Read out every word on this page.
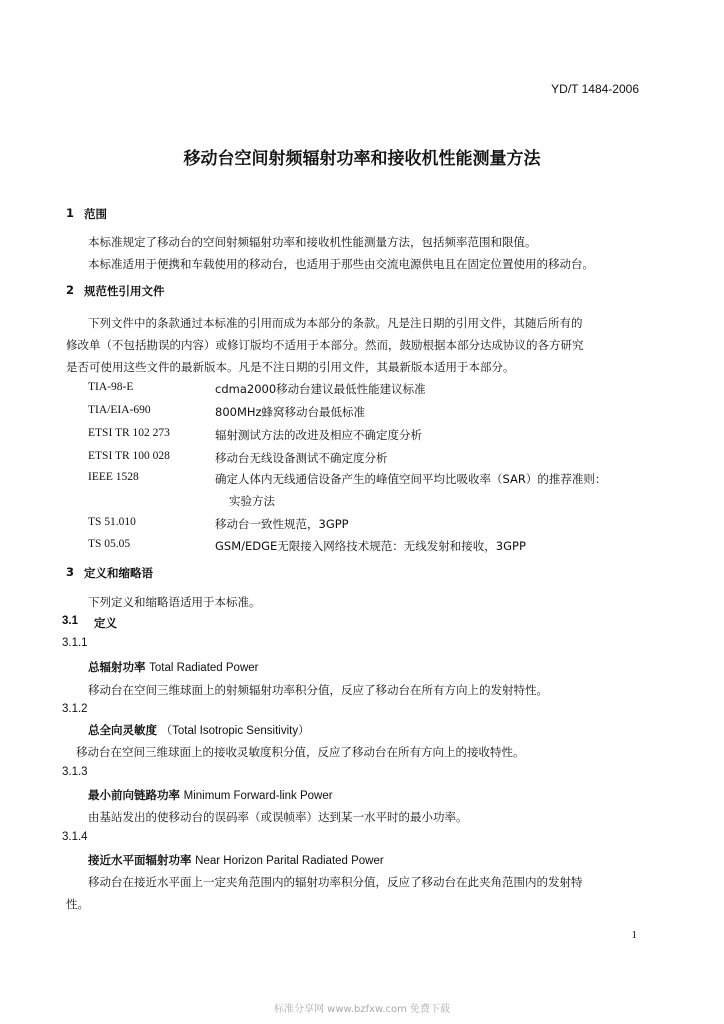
YD/T 1484-2006
移动台空间射频辐射功率和接收机性能测量方法
1 范围
本标准规定了移动台的空间射频辐射功率和接收机性能测量方法，包括频率范围和限值。
本标准适用于便携和车载使用的移动台，也适用于那些由交流电源供电且在固定位置使用的移动台。
2 规范性引用文件
下列文件中的条款通过本标准的引用而成为本部分的条款。凡是注日期的引用文件，其随后所有的
修改单（不包括勘误的内容）或修订版均不适用于本部分。然而，鼓励根据本部分达成协议的各方研究
是否可使用这些文件的最新版本。凡是不注日期的引用文件，其最新版本适用于本部分。
TIA-98-E	cdma2000移动台建议最低性能建议标准
TIA/EIA-690	800MHz蜂窝移动台最低标准
ETSI TR 102 273	辐射测试方法的改进及相应不确定度分析
ETSI TR 100 028	移动台无线设备测试不确定度分析
IEEE 1528	确定人体内无线通信设备产生的峰值空间平均比吸收率（SAR）的推荐准则：
实验方法
TS 51.010	移动台一致性规范，3GPP
TS 05.05	GSM/EDGE无限接入网络技术规范：无线发射和接收，3GPP
3 定义和缩略语
下列定义和缩略语适用于本标准。
3.1 定义
3.1.1
总辐射功率 Total Radiated Power
移动台在空间三维球面上的射频辐射功率积分值，反应了移动台在所有方向上的发射特性。
3.1.2
总全向灵敏度 （Total Isotropic Sensitivity）
移动台在空间三维球面上的接收灵敏度积分值，反应了移动台在所有方向上的接收特性。
3.1.3
最小前向链路功率 Minimum Forward-link Power
由基站发出的使移动台的误码率（或误帧率）达到某一水平时的最小功率。
3.1.4
接近水平面辐射功率 Near Horizon Parital Radiated Power
移动台在接近水平面上一定夹角范围内的辐射功率积分值，反应了移动台在此夹角范围内的发射特
性。
1
标准分享网 www.bzfxw.com 免费下载
